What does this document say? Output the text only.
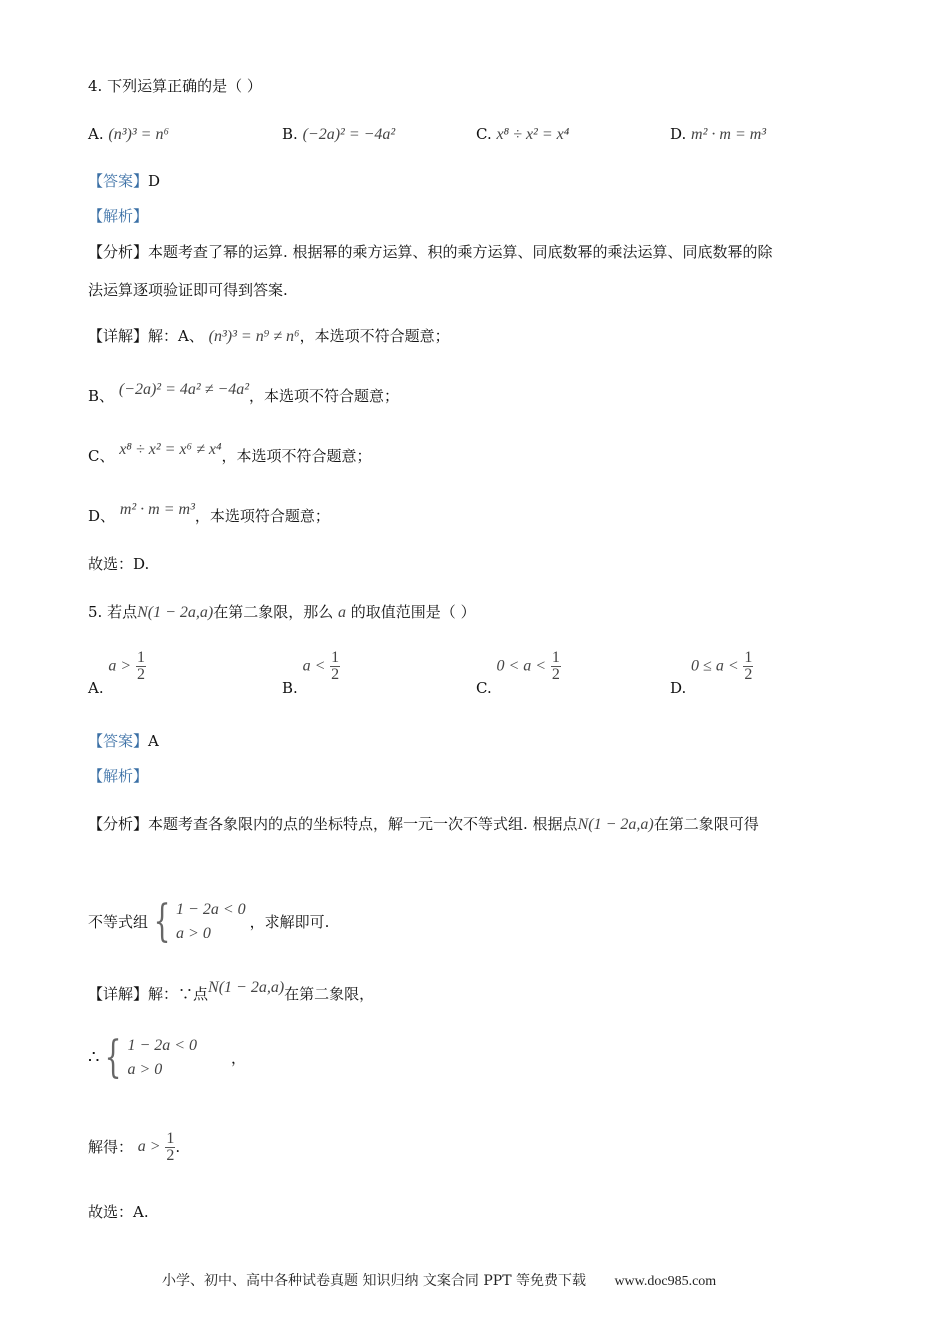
4. 下列运算正确的是（ ）
A. (n³)³ = n⁶	B. (−2a)² = −4a²	C. x⁸ ÷ x² = x⁴	D. m² · m = m³
【答案】D
【解析】
【分析】本题考查了幂的运算. 根据幂的乘方运算、积的乘方运算、同底数幂的乘法运算、同底数幂的除
法运算逐项验证即可得到答案.
【详解】解：A、 (n³)³ = n⁹ ≠ n⁶，本选项不符合题意；
B、 (−2a)² = 4a² ≠ −4a²，本选项不符合题意；
C、 x⁸ ÷ x² = x⁶ ≠ x⁴，本选项不符合题意；
D、 m² · m = m³，本选项符合题意；
故选：D.
5. 若点N(1 − 2a,a)在第二象限，那么 a 的取值范围是（ ）
A. $a > \frac{1}{2}$
B. $a < \frac{1}{2}$
C. $0 < a < \frac{1}{2}$
D. $0 \le a < \frac{1}{2}$
【答案】A
【解析】
【分析】本题考查各象限内的点的坐标特点，解一元一次不等式组. 根据点N(1 − 2a,a)在第二象限可得
不等式组 { 1 − 2a < 0
a > 0
，求解即可.
【详解】解：∵点N(1 − 2a,a)在第二象限，
∴ { 1 − 2a < 0
a > 0
，
解得： $a > \frac{1}{2}$ .
故选：A.
小学、初中、高中各种试卷真题 知识归纳 文案合同 PPT 等免费下载 www.doc985.com
